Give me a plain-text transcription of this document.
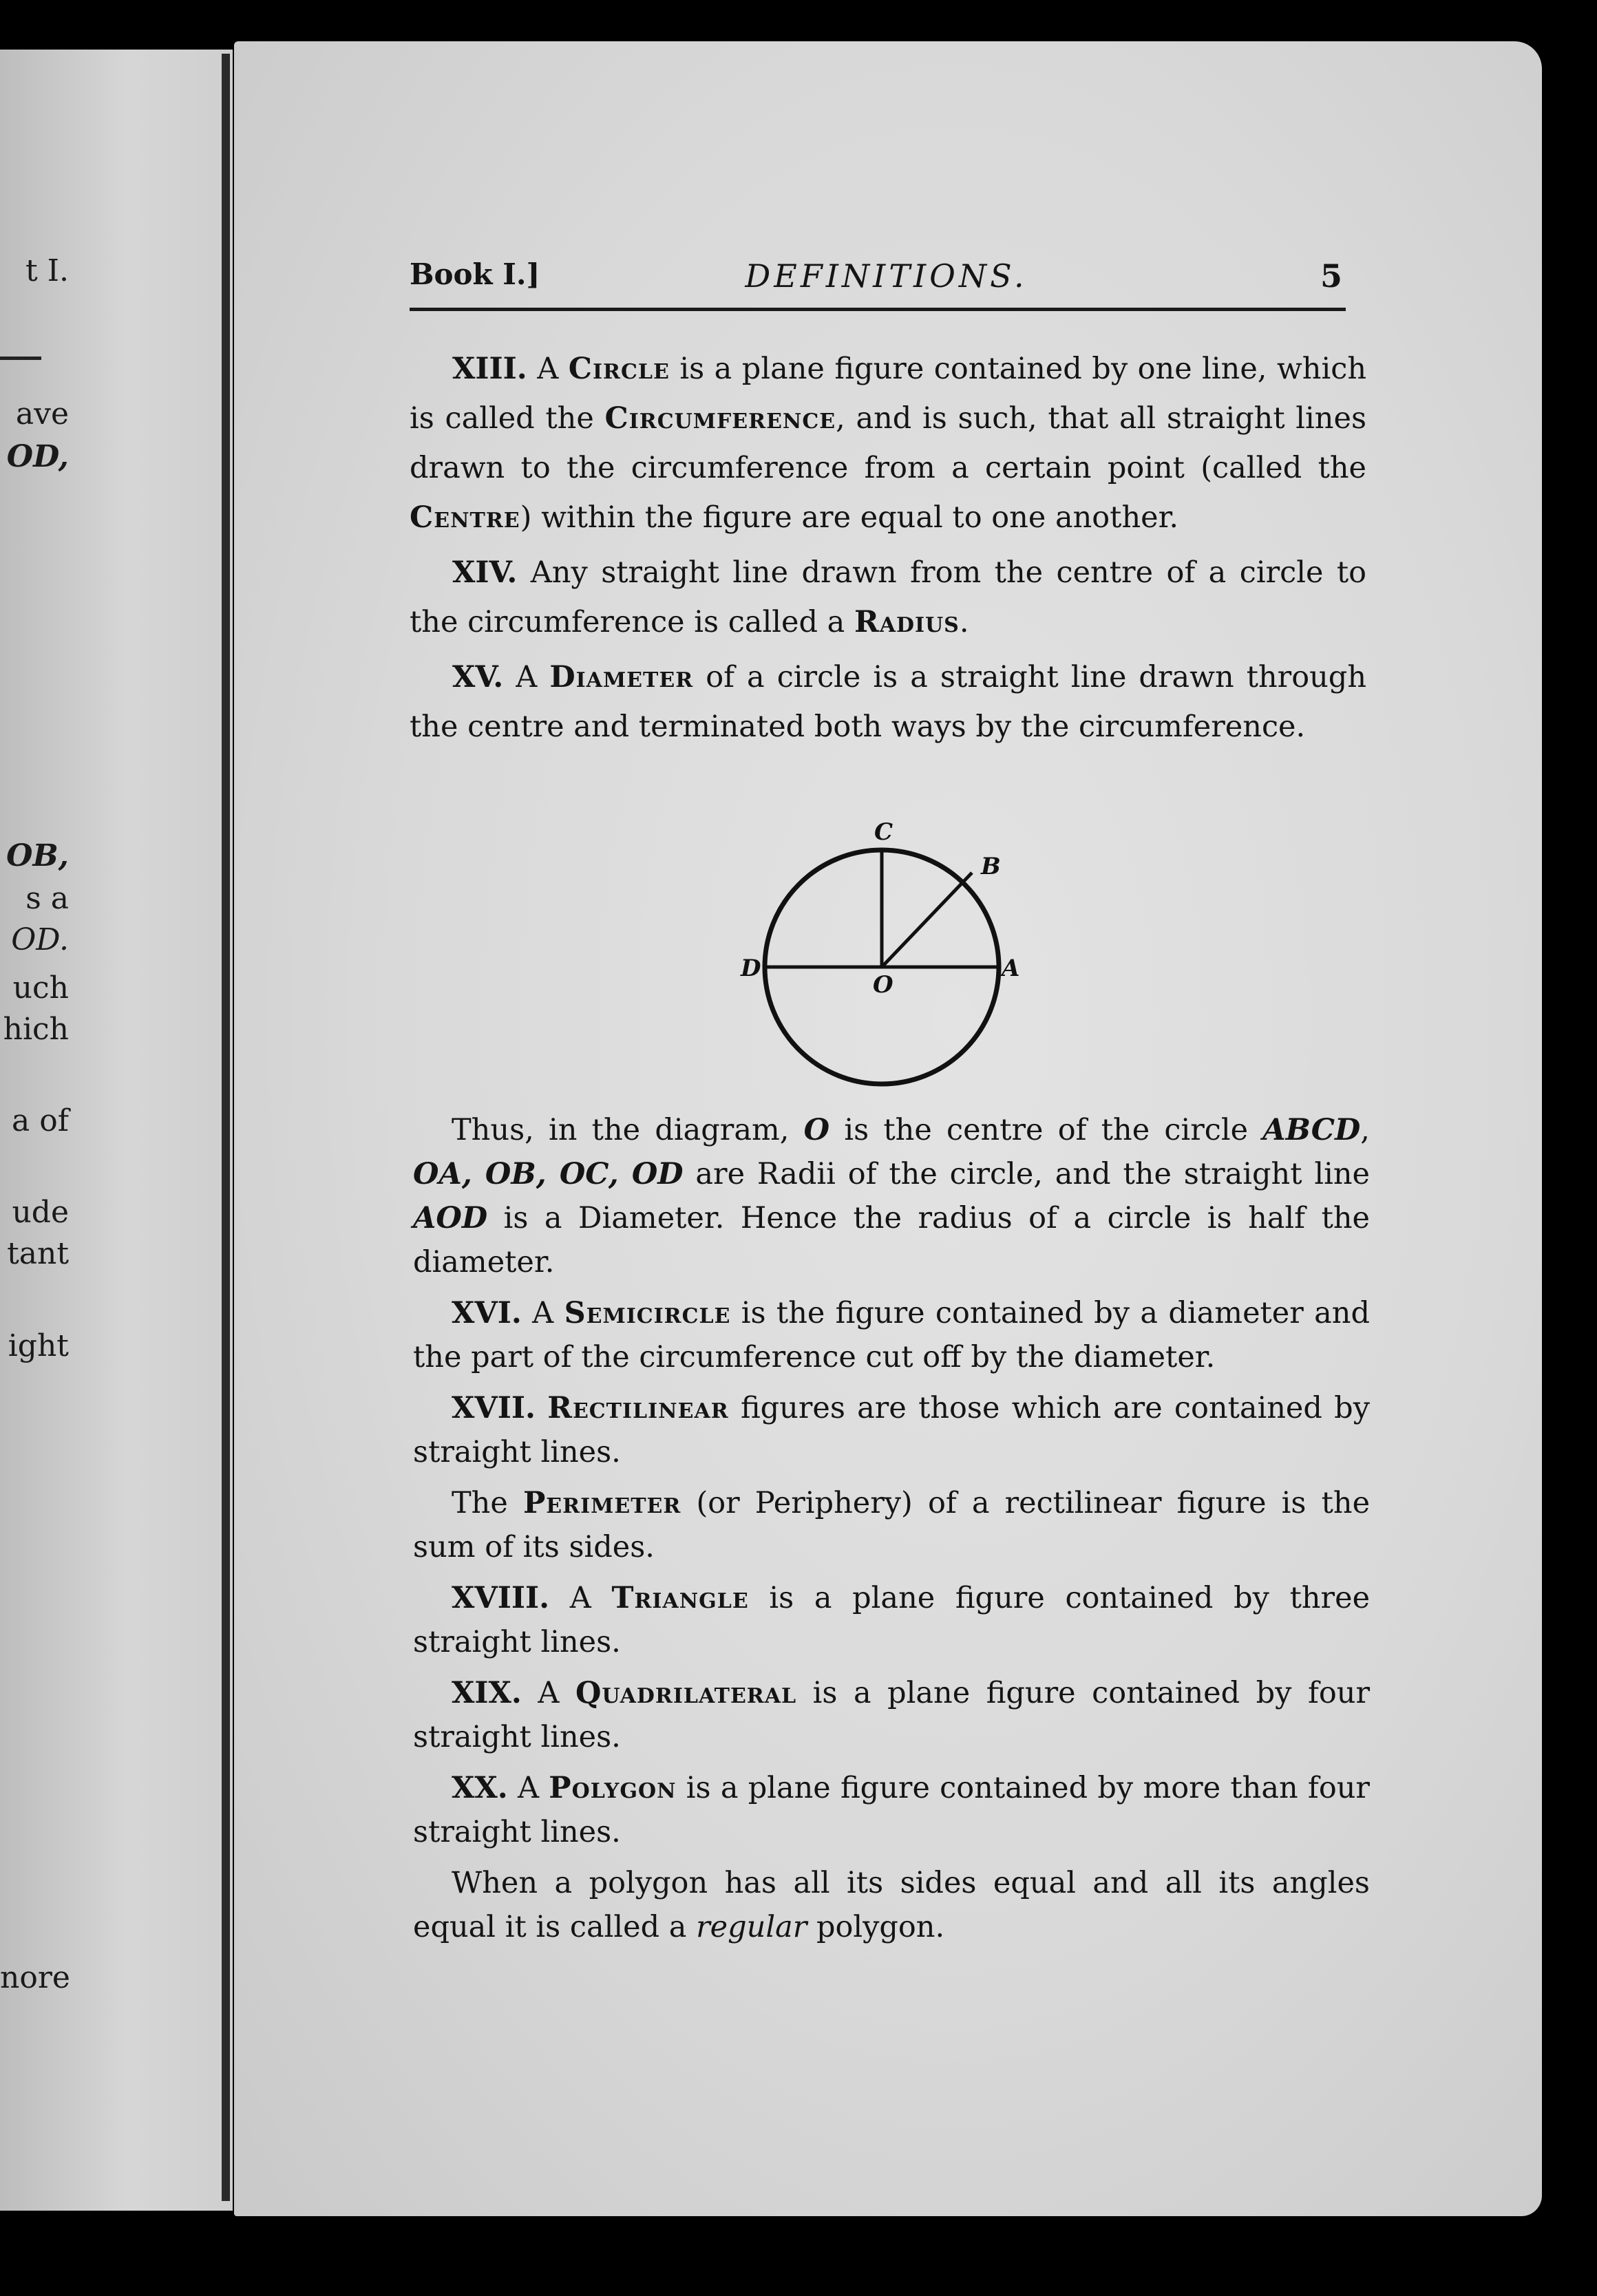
t I.
ave
OD,
OB,
s a
OD.
uch
hich
a of
ude
tant
ight
nore
Book I.]	DEFINITIONS.	5

XIII. A Circle is a plane figure contained by one line, which is called the Circumference, and is such, that all straight lines drawn to the circumference from a certain point (called the Centre) within the figure are equal to one another.

XIV. Any straight line drawn from the centre of a circle to the circumference is called a Radius.

XV. A Diameter of a circle is a straight line drawn through the centre and terminated both ways by the circumference.

C
B
D
O
A

Thus, in the diagram, O is the centre of the circle ABCD, OA, OB, OC, OD are Radii of the circle, and the straight line AOD is a Diameter. Hence the radius of a circle is half the diameter.

XVI. A Semicircle is the figure contained by a diameter and the part of the circumference cut off by the diameter.

XVII. Rectilinear figures are those which are contained by straight lines.

The Perimeter (or Periphery) of a rectilinear figure is the sum of its sides.

XVIII. A Triangle is a plane figure contained by three straight lines.

XIX. A Quadrilateral is a plane figure contained by four straight lines.

XX. A Polygon is a plane figure contained by more than four straight lines.

When a polygon has all its sides equal and all its angles equal it is called a regular polygon.
